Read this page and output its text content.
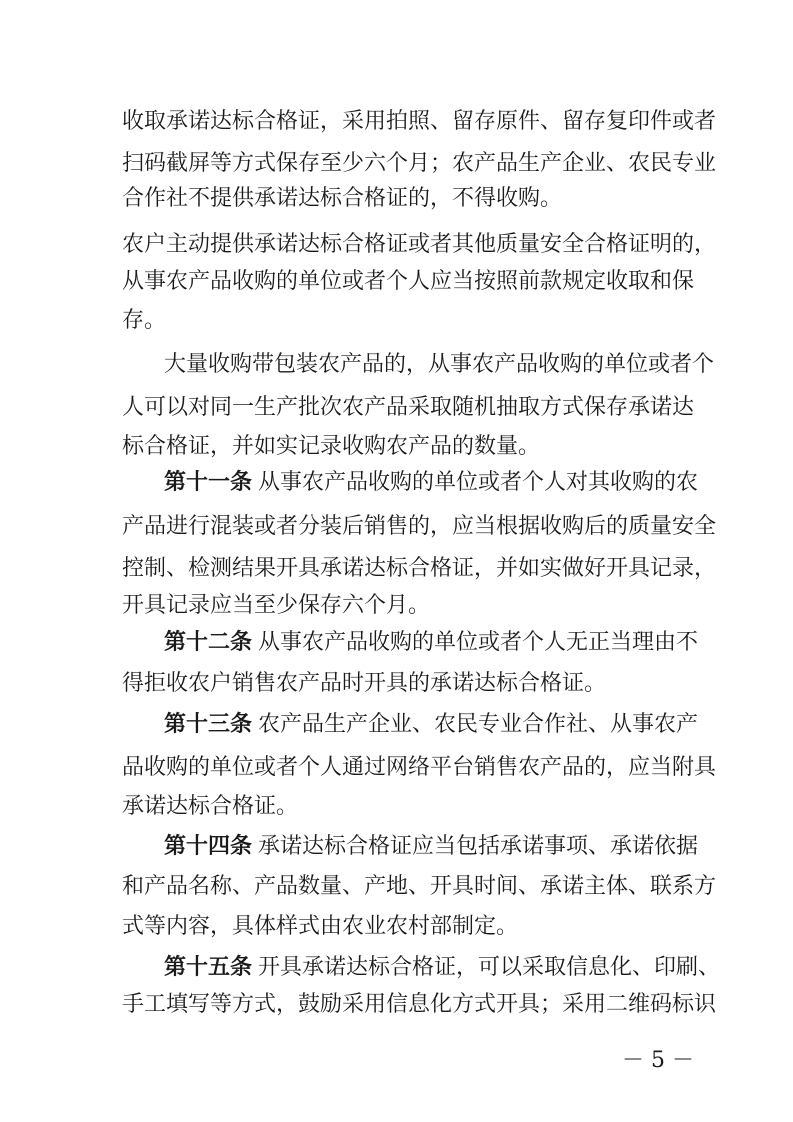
收取承诺达标合格证，采用拍照、留存原件、留存复印件或者
扫码截屏等方式保存至少六个月；农产品生产企业、农民专业
合作社不提供承诺达标合格证的，不得收购。
农户主动提供承诺达标合格证或者其他质量安全合格证明的，
从事农产品收购的单位或者个人应当按照前款规定收取和保
存。
大量收购带包装农产品的，从事农产品收购的单位或者个
人可以对同一生产批次农产品采取随机抽取方式保存承诺达
标合格证，并如实记录收购农产品的数量。
第十一条 从事农产品收购的单位或者个人对其收购的农
产品进行混装或者分装后销售的，应当根据收购后的质量安全
控制、检测结果开具承诺达标合格证，并如实做好开具记录，
开具记录应当至少保存六个月。
第十二条 从事农产品收购的单位或者个人无正当理由不
得拒收农户销售农产品时开具的承诺达标合格证。
第十三条 农产品生产企业、农民专业合作社、从事农产
品收购的单位或者个人通过网络平台销售农产品的，应当附具
承诺达标合格证。
第十四条 承诺达标合格证应当包括承诺事项、承诺依据
和产品名称、产品数量、产地、开具时间、承诺主体、联系方
式等内容，具体样式由农业农村部制定。
第十五条 开具承诺达标合格证，可以采取信息化、印刷、
手工填写等方式，鼓励采用信息化方式开具；采用二维码标识
－ 5 －
